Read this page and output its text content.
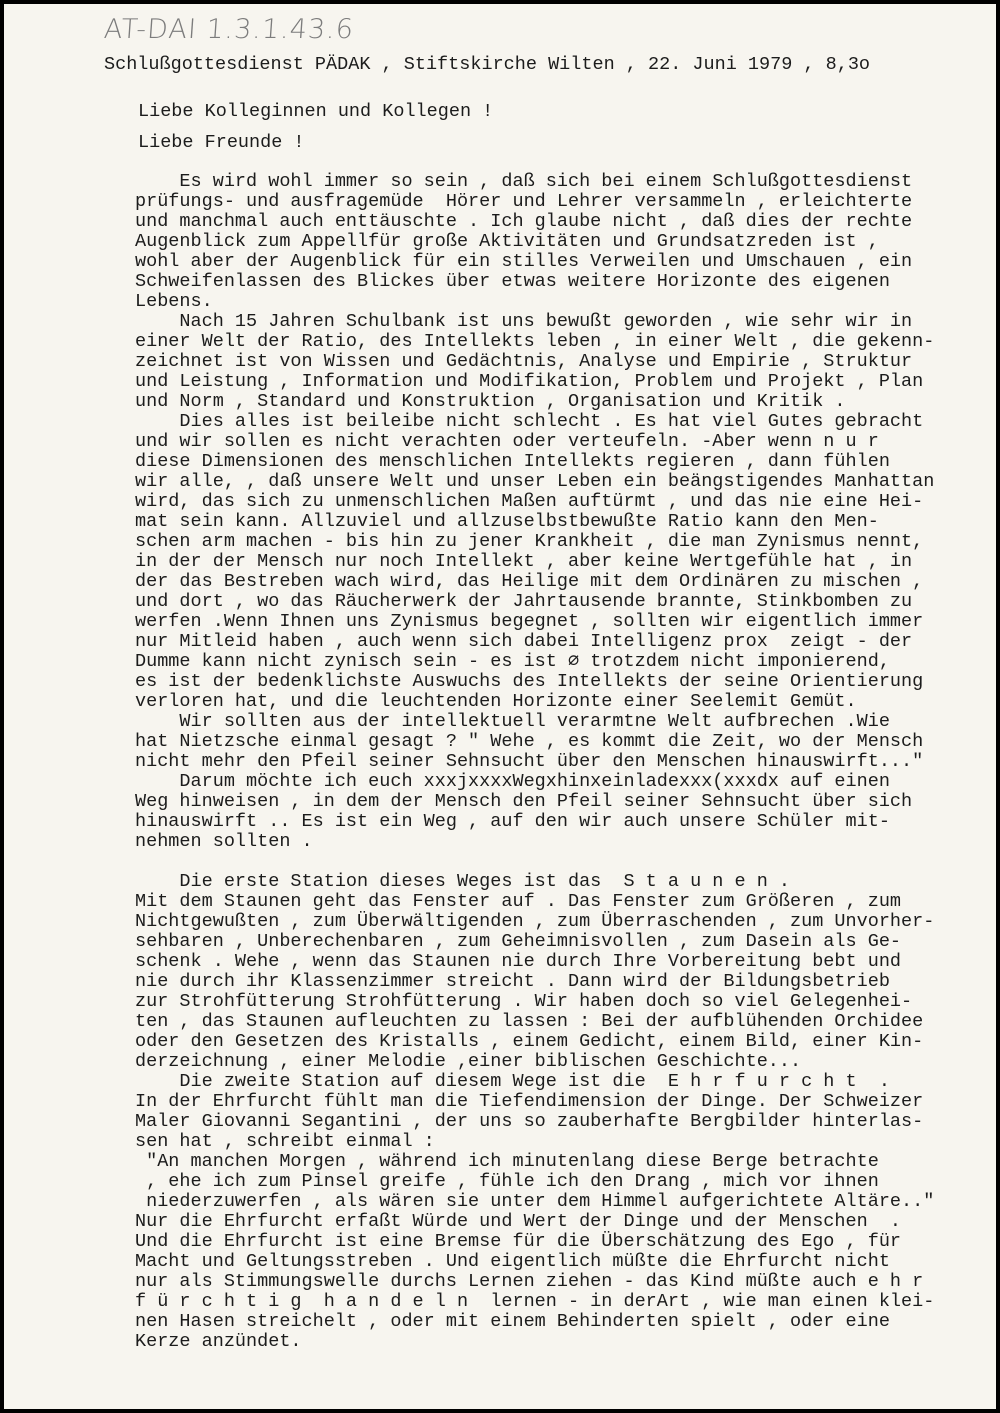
AT-DAI 1.3.1.43.6
Schlußgottesdienst PÄDAK , Stiftskirche Wilten , 22. Juni 1979 , 8,3o
Liebe Kolleginnen und Kollegen !
Liebe Freunde !
Es wird wohl immer so sein , daß sich bei einem Schlußgottesdienst
prüfungs- und ausfragemüde  Hörer und Lehrer versammeln , erleichterte
und manchmal auch enttäuschte . Ich glaube nicht , daß dies der rechte
Augenblick zum Appellfür große Aktivitäten und Grundsatzreden ist ,
wohl aber der Augenblick für ein stilles Verweilen und Umschauen , ein
Schweifenlassen des Blickes über etwas weitere Horizonte des eigenen
Lebens.
Nach 15 Jahren Schulbank ist uns bewußt geworden , wie sehr wir in
einer Welt der Ratio, des Intellekts leben , in einer Welt , die gekenn-
zeichnet ist von Wissen und Gedächtnis, Analyse und Empirie , Struktur
und Leistung , Information und Modifikation, Problem und Projekt , Plan
und Norm , Standard und Konstruktion , Organisation und Kritik .
Dies alles ist beileibe nicht schlecht . Es hat viel Gutes gebracht
und wir sollen es nicht verachten oder verteufeln. -Aber wenn n u r
diese Dimensionen des menschlichen Intellekts regieren , dann fühlen
wir alle, , daß unsere Welt und unser Leben ein beängstigendes Manhattan
wird, das sich zu unmenschlichen Maßen auftürmt , und das nie eine Hei-
mat sein kann. Allzuviel und allzuselbstbewußte Ratio kann den Men-
schen arm machen - bis hin zu jener Krankheit , die man Zynismus nennt,
in der der Mensch nur noch Intellekt , aber keine Wertgefühle hat , in
der das Bestreben wach wird, das Heilige mit dem Ordinären zu mischen ,
und dort , wo das Räucherwerk der Jahrtausende brannte, Stinkbomben zu
werfen .Wenn Ihnen uns Zynismus begegnet , sollten wir eigentlich immer
nur Mitleid haben , auch wenn sich dabei Intelligenz prox  zeigt - der
Dumme kann nicht zynisch sein - es ist ∅ trotzdem nicht imponierend,
es ist der bedenklichste Auswuchs des Intellekts der seine Orientierung
verloren hat, und die leuchtenden Horizonte einer Seelemit Gemüt.
Wir sollten aus der intellektuell verarmtne Welt aufbrechen .Wie
hat Nietzsche einmal gesagt ? " Wehe , es kommt die Zeit, wo der Mensch
nicht mehr den Pfeil seiner Sehnsucht über den Menschen hinauswirft..."
Darum möchte ich euch xxxjxxxxWegxhinxeinladexxx(xxxdx auf einen
Weg hinweisen , in dem der Mensch den Pfeil seiner Sehnsucht über sich
hinauswirft .. Es ist ein Weg , auf den wir auch unsere Schüler mit-
nehmen sollten .
Die erste Station dieses Weges ist das  S t a u n e n .
Mit dem Staunen geht das Fenster auf . Das Fenster zum Größeren , zum
Nichtgewußten , zum Überwältigenden , zum Überraschenden , zum Unvorher-
sehbaren , Unberechenbaren , zum Geheimnisvollen , zum Dasein als Ge-
schenk . Wehe , wenn das Staunen nie durch Ihre Vorbereitung bebt und
nie durch ihr Klassenzimmer streicht . Dann wird der Bildungsbetrieb
zur Strohfütterung Strohfütterung . Wir haben doch so viel Gelegenhei-
ten , das Staunen aufleuchten zu lassen : Bei der aufblühenden Orchidee
oder den Gesetzen des Kristalls , einem Gedicht, einem Bild, einer Kin-
derzeichnung , einer Melodie ,einer biblischen Geschichte...
Die zweite Station auf diesem Wege ist die  E h r f u r c h t  .
In der Ehrfurcht fühlt man die Tiefendimension der Dinge. Der Schweizer
Maler Giovanni Segantini , der uns so zauberhafte Bergbilder hinterlas-
sen hat , schreibt einmal :
"An manchen Morgen , während ich minutenlang diese Berge betrachte
, ehe ich zum Pinsel greife , fühle ich den Drang , mich vor ihnen
niederzuwerfen , als wären sie unter dem Himmel aufgerichtete Altäre.."
Nur die Ehrfurcht erfaßt Würde und Wert der Dinge und der Menschen  .
Und die Ehrfurcht ist eine Bremse für die Überschätzung des Ego , für
Macht und Geltungsstreben . Und eigentlich müßte die Ehrfurcht nicht
nur als Stimmungswelle durchs Lernen ziehen - das Kind müßte auch e h r
f ü r c h t i g  h a n d e l n  lernen - in derArt , wie man einen klei-
nen Hasen streichelt , oder mit einem Behinderten spielt , oder eine
Kerze anzündet.
